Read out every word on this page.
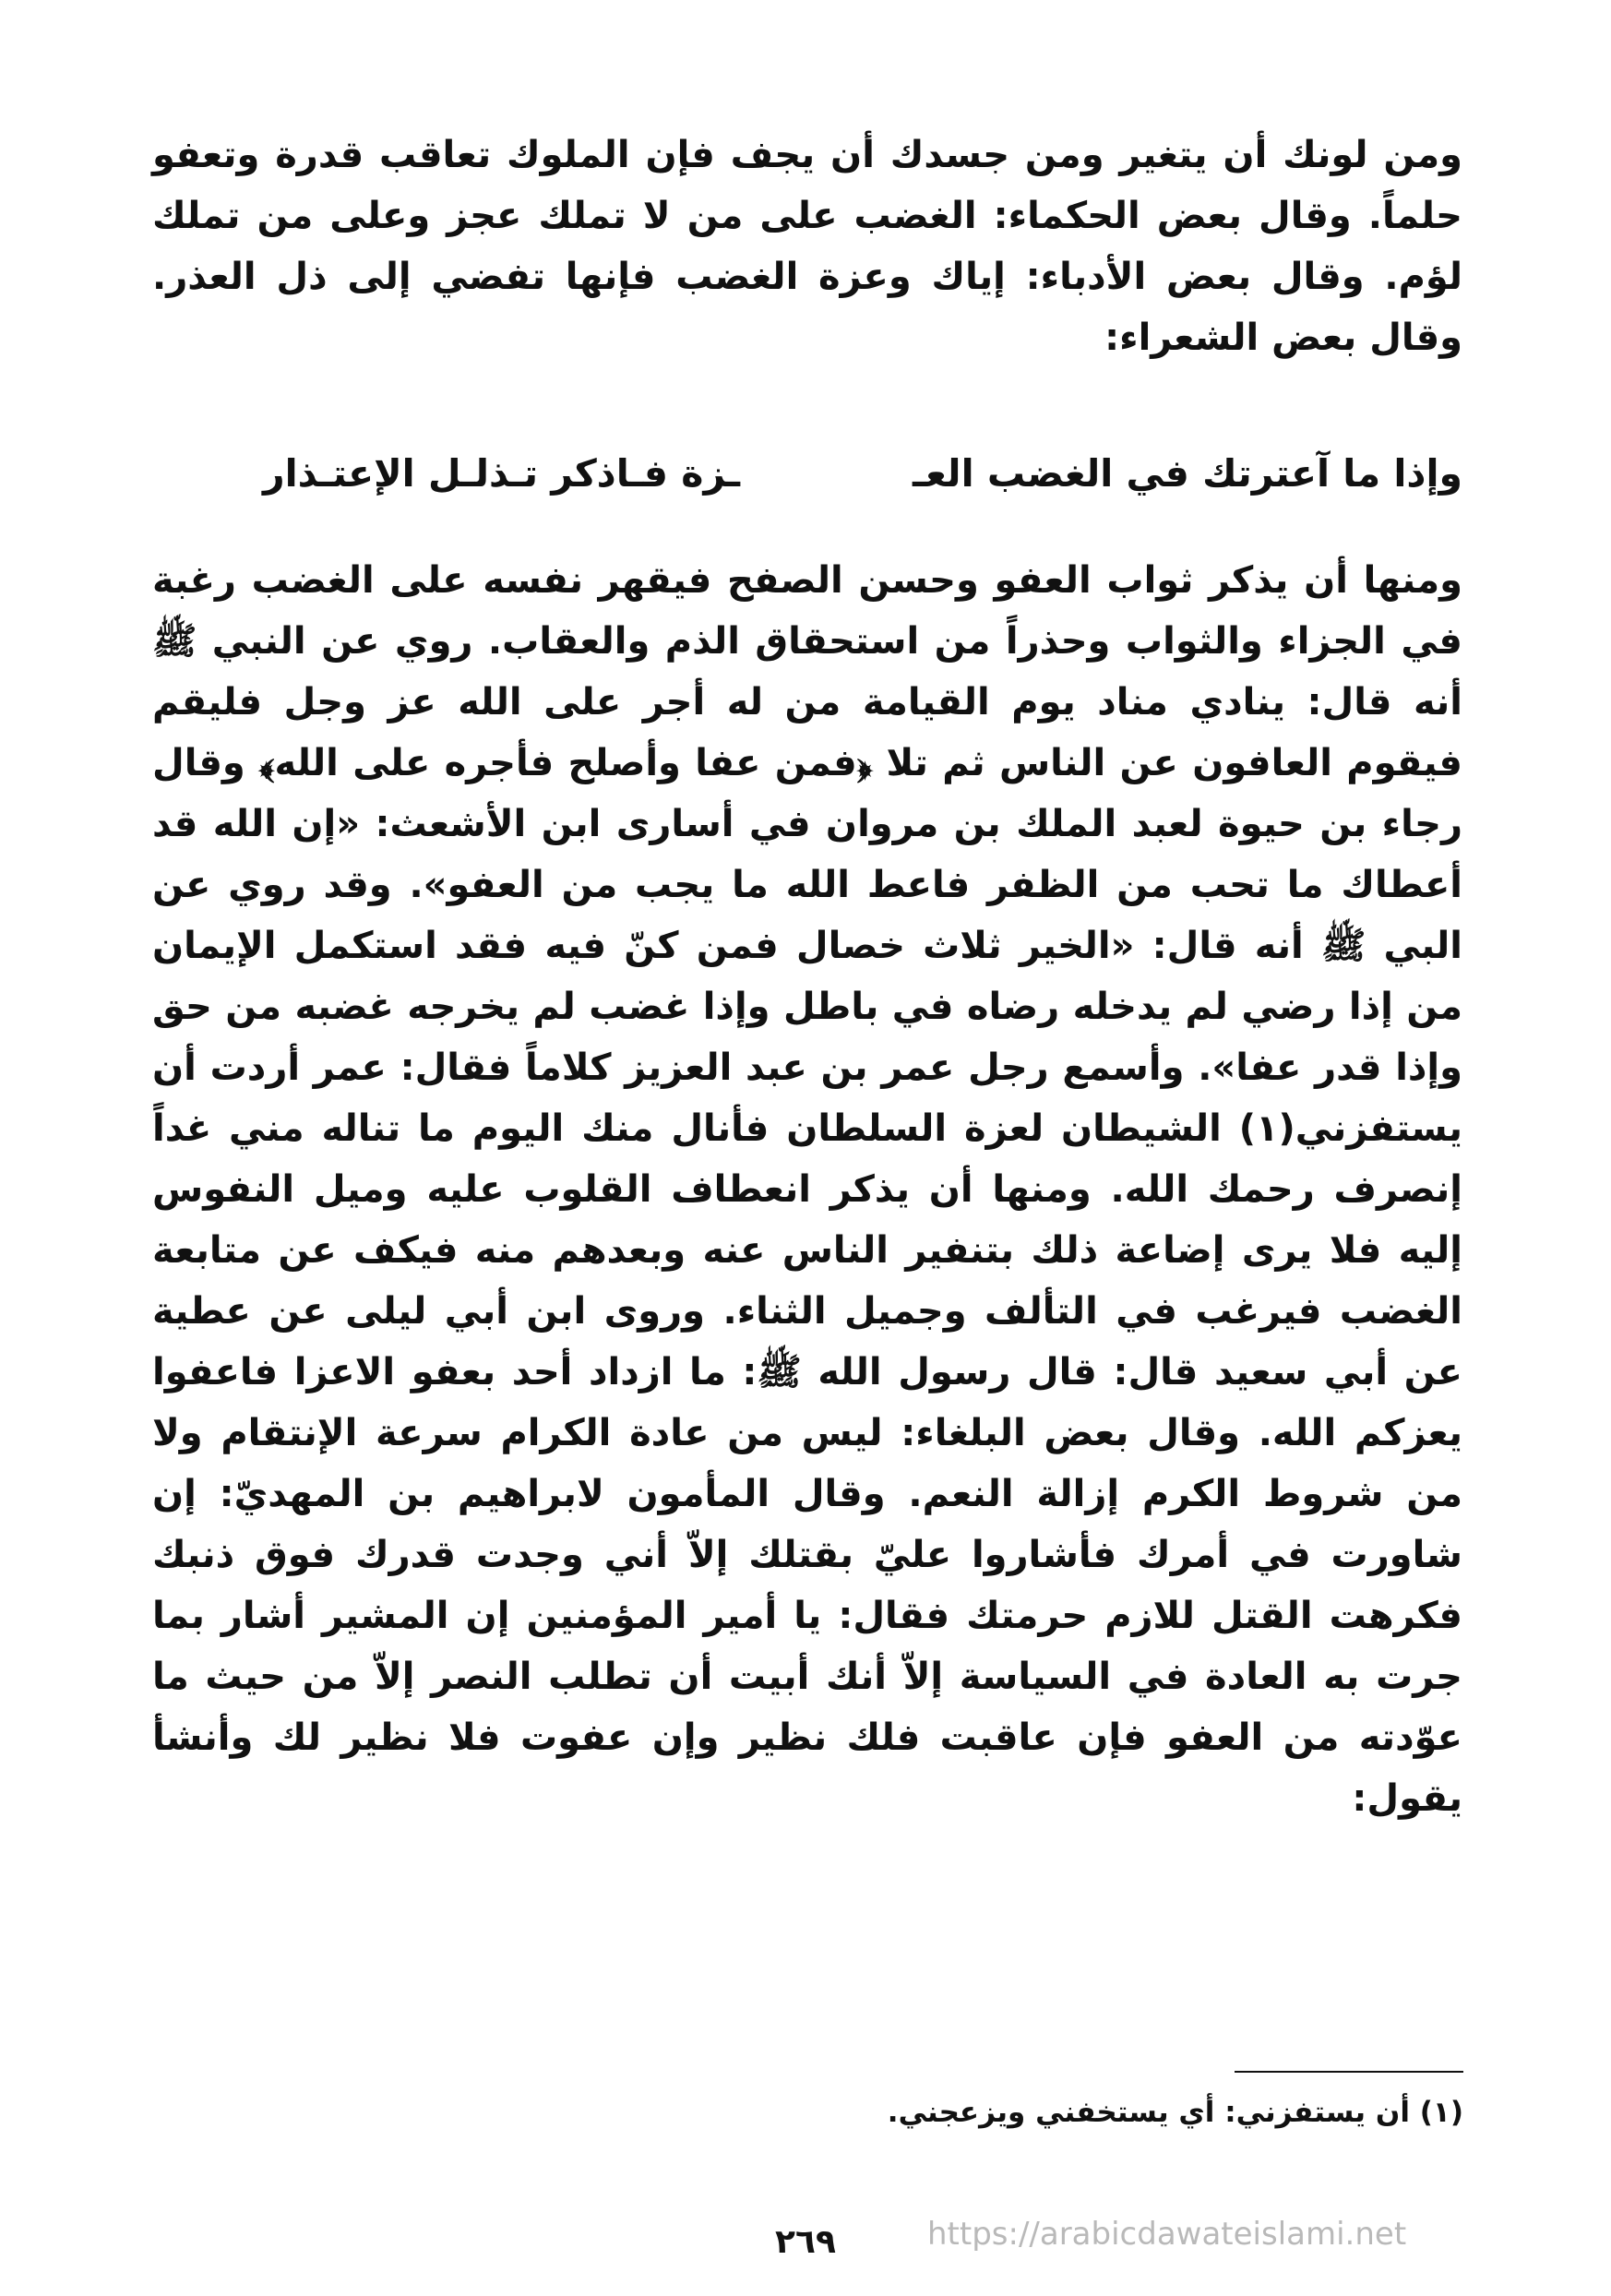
ومن لونك أن يتغير ومن جسدك أن يجف فإن الملوك تعاقب قدرة وتعفو حلماً. وقال بعض الحكماء: الغضب على من لا تملك عجز وعلى من تملك لؤم. وقال بعض الأدباء: إياك وعزة الغضب فإنها تفضي إلى ذل العذر. وقال بعض الشعراء:

وإذا ما آعترتك في الغضب العـ
ـزة فـاذكر تـذلـل الإعتـذار

ومنها أن يذكر ثواب العفو وحسن الصفح فيقهر نفسه على الغضب رغبة في الجزاء والثواب وحذراً من استحقاق الذم والعقاب. روي عن النبي ﷺ أنه قال: ينادي مناد يوم القيامة من له أجر على الله عز وجل فليقم فيقوم العافون عن الناس ثم تلا ﴿فمن عفا وأصلح فأجره على الله﴾ وقال رجاء بن حيوة لعبد الملك بن مروان في أسارى ابن الأشعث: «إن الله قد أعطاك ما تحب من الظفر فاعط الله ما يجب من العفو». وقد روي عن البي ﷺ أنه قال: «الخير ثلاث خصال فمن كنّ فيه فقد استكمل الإيمان من إذا رضي لم يدخله رضاه في باطل وإذا غضب لم يخرجه غضبه من حق وإذا قدر عفا». وأسمع رجل عمر بن عبد العزيز كلاماً فقال: عمر أردت أن يستفزني(١) الشيطان لعزة السلطان فأنال منك اليوم ما تناله مني غداً إنصرف رحمك الله. ومنها أن يذكر انعطاف القلوب عليه وميل النفوس إليه فلا يرى إضاعة ذلك بتنفير الناس عنه وبعدهم منه فيكف عن متابعة الغضب فيرغب في التألف وجميل الثناء. وروى ابن أبي ليلى عن عطية عن أبي سعيد قال: قال رسول الله ﷺ: ما ازداد أحد بعفو الاعزا فاعفوا يعزكم الله. وقال بعض البلغاء: ليس من عادة الكرام سرعة الإنتقام ولا من شروط الكرم إزالة النعم. وقال المأمون لابراهيم بن المهديّ: إن شاورت في أمرك فأشاروا عليّ بقتلك إلاّ أني وجدت قدرك فوق ذنبك فكرهت القتل للازم حرمتك فقال: يا أمير المؤمنين إن المشير أشار بما جرت به العادة في السياسة إلاّ أنك أبيت أن تطلب النصر إلاّ من حيث ما عوّدته من العفو فإن عاقبت فلك نظير وإن عفوت فلا نظير لك وأنشأ يقول:

(١) أن يستفزني: أي يستخفني ويزعجني.
٢٦٩	https://arabicdawateislami.net
